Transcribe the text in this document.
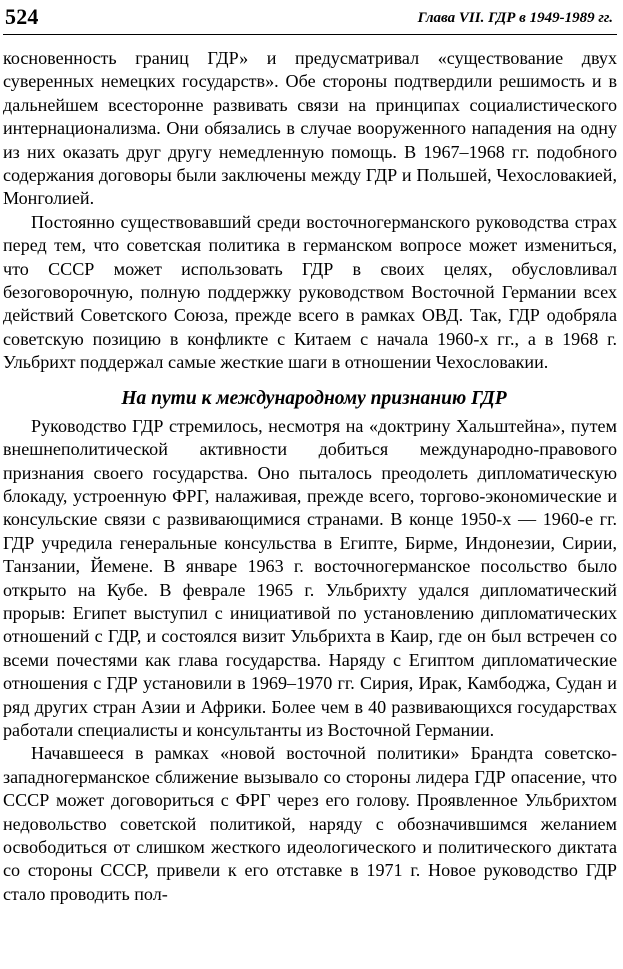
524	Глава VII. ГДР в 1949-1989 гг.

косновенность границ ГДР» и предусматривал «существование двух суверенных немецких государств». Обе стороны подтвердили решимость и в дальнейшем всесторонне развивать связи на принципах социалистического интернационализма. Они обязались в случае вооруженного нападения на одну из них оказать друг другу немедленную помощь. В 1967–1968 гг. подобного содержания договоры были заключены между ГДР и Польшей, Чехословакией, Монголией.

Постоянно существовавший среди восточногерманского руководства страх перед тем, что советская политика в германском вопросе может измениться, что СССР может использовать ГДР в своих целях, обусловливал безоговорочную, полную поддержку руководством Восточной Германии всех действий Советского Союза, прежде всего в рамках ОВД. Так, ГДР одобряла советскую позицию в конфликте с Китаем с начала 1960-х гг., а в 1968 г. Ульбрихт поддержал самые жесткие шаги в отношении Чехословакии.

На пути к международному признанию ГДР

Руководство ГДР стремилось, несмотря на «доктрину Хальштейна», путем внешнеполитической активности добиться международно-правового признания своего государства. Оно пыталось преодолеть дипломатическую блокаду, устроенную ФРГ, налаживая, прежде всего, торгово-экономические и консульские связи с развивающимися странами. В конце 1950-х — 1960-е гг. ГДР учредила генеральные консульства в Египте, Бирме, Индонезии, Сирии, Танзании, Йемене. В январе 1963 г. восточногерманское посольство было открыто на Кубе. В феврале 1965 г. Ульбрихту удался дипломатический прорыв: Египет выступил с инициативой по установлению дипломатических отношений с ГДР, и состоялся визит Ульбрихта в Каир, где он был встречен со всеми почестями как глава государства. Наряду с Египтом дипломатические отношения с ГДР установили в 1969–1970 гг. Сирия, Ирак, Камбоджа, Судан и ряд других стран Азии и Африки. Более чем в 40 развивающихся государствах работали специалисты и консультанты из Восточной Германии.

Начавшееся в рамках «новой восточной политики» Брандта советско-западногерманское сближение вызывало со стороны лидера ГДР опасение, что СССР может договориться с ФРГ через его голову. Проявленное Ульбрихтом недовольство советской политикой, наряду с обозначившимся желанием освободиться от слишком жесткого идеологического и политического диктата со стороны СССР, привели к его отставке в 1971 г. Новое руководство ГДР стало проводить пол-
